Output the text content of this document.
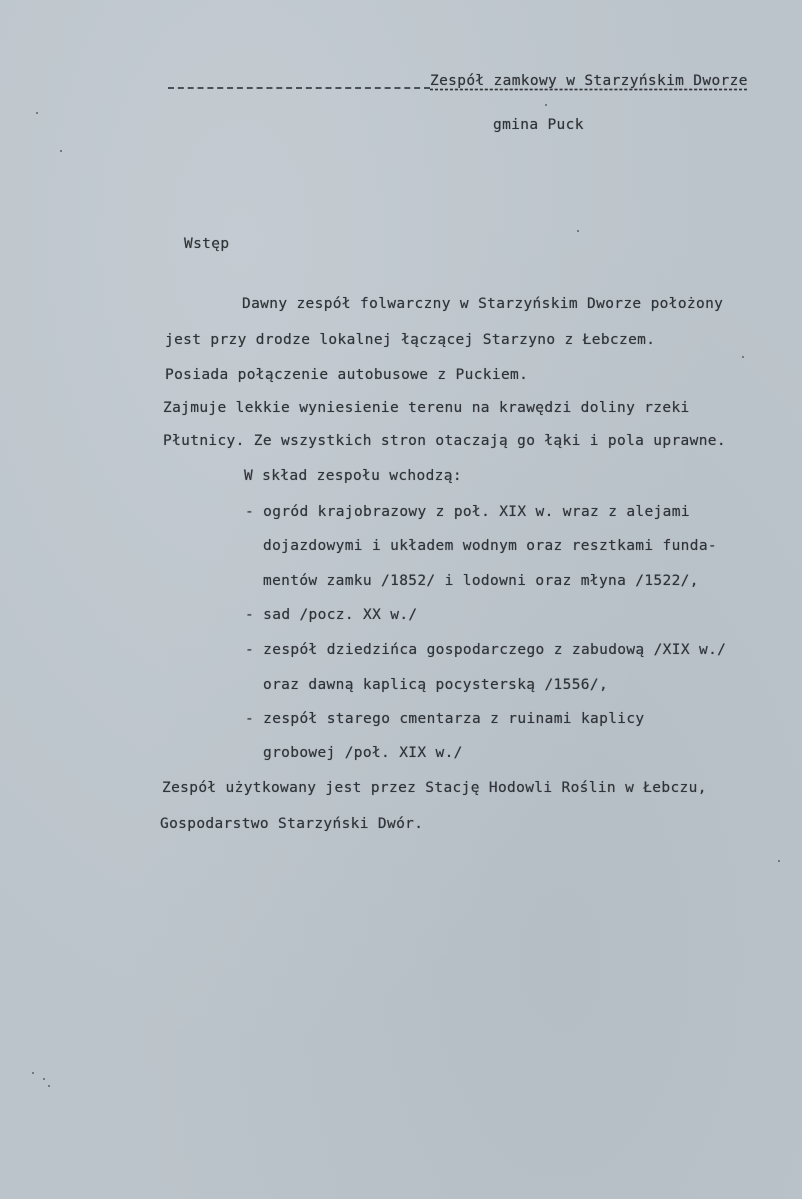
Zespół zamkowy w Starzyńskim Dworze
gmina Puck
Wstęp
Dawny zespół folwarczny w Starzyńskim Dworze położony
jest przy drodze lokalnej łączącej Starzyno z Łebczem.
Posiada połączenie autobusowe z Puckiem.
Zajmuje lekkie wyniesienie terenu na krawędzi doliny rzeki
Płutnicy. Ze wszystkich stron otaczają go łąki i pola uprawne.
W skład zespołu wchodzą:
- ogród krajobrazowy z poł. XIX w. wraz z alejami
dojazdowymi i układem wodnym oraz resztkami funda-
mentów zamku /1852/ i lodowni oraz młyna /1522/,
- sad /pocz. XX w./
- zespół dziedzińca gospodarczego z zabudową /XIX w./
oraz dawną kaplicą pocysterską /1556/,
- zespół starego cmentarza z ruinami kaplicy
grobowej /poł. XIX w./
Zespół użytkowany jest przez Stację Hodowli Roślin w Łebczu,
Gospodarstwo Starzyński Dwór.
